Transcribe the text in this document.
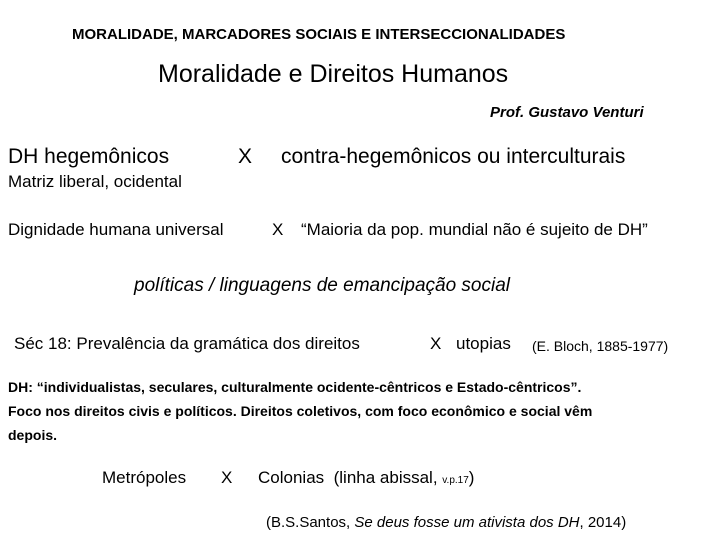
MORALIDADE, MARCADORES SOCIAIS E INTERSECCIONALIDADES
Moralidade e Direitos Humanos
Prof. Gustavo Venturi
DH hegemônicos	X contra-hegemônicos ou interculturais
Matriz liberal, ocidental
Dignidade humana universal	X “Maioria da pop. mundial não é sujeito de DH”
políticas / linguagens de emancipação social
Séc 18: Prevalência da gramática dos direitos	X utopias (E. Bloch, 1885-1977)
DH: “individualistas, seculares, culturalmente ocidente-cêntricos e Estado-cêntricos”.
Foco nos direitos civis e políticos. Direitos coletivos, com foco econômico e social vêm
depois.
Metrópoles X Colonias (linha abissal, v.p.17)
(B.S.Santos, Se deus fosse um ativista dos DH, 2014)
